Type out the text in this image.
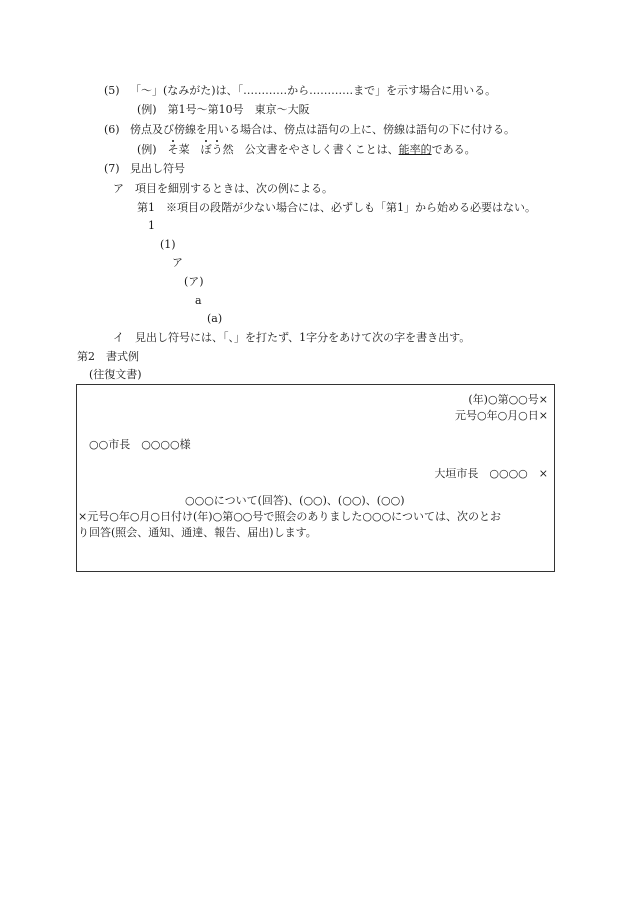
(5) 「～」(なみがた)は、「…………から…………まで」を示す場合に用いる。
(例)　第1号～第10号　東京～大阪
(6) 傍点及び傍線を用いる場合は、傍点は語句の上に、傍線は語句の下に付ける。
(例)　そ菜　ぼう然　公文書をやさしく書くことは、能率的である。
(7) 見出し符号
ア　項目を細別するときは、次の例による。
第1　※項目の段階が少ない場合には、必ずしも「第1」から始める必要はない。
1
(1)
ア
(ア)
a
(a)
イ　見出し符号には、「、」を打たず、1字分をあけて次の字を書き出す。
第2　書式例
(往復文書)
(年)○第○○号×
元号○年○月○日×
○○市長　○○○○様
大垣市長　○○○○　×
○○○について(回答)、(○○)、(○○)、(○○)
×元号○年○月○日付け(年)○第○○号で照会のありました○○○については、次のとお
り回答(照会、通知、通達、報告、届出)します。
